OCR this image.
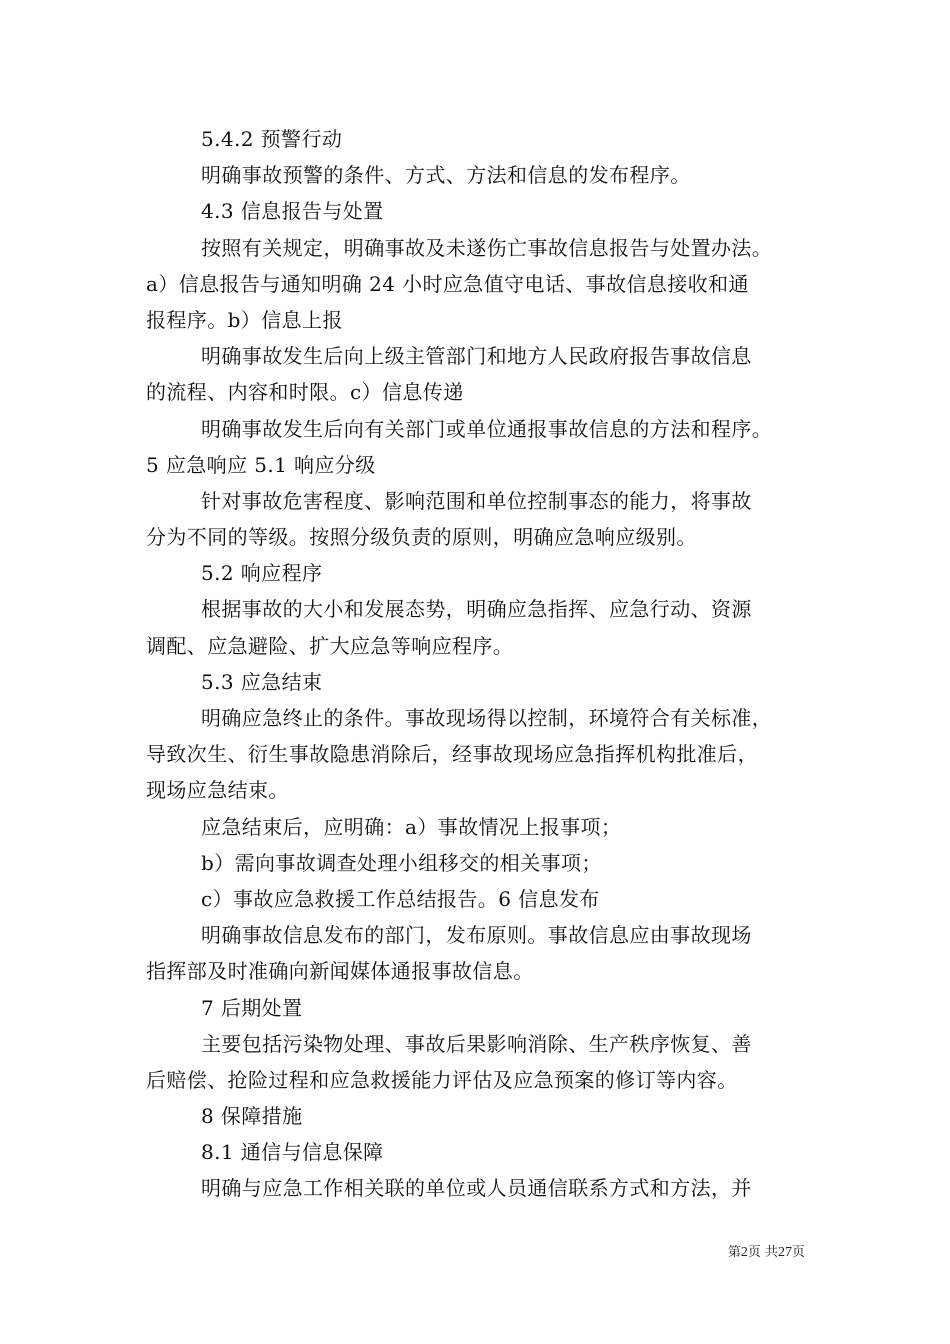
5.4.2 预警行动
明确事故预警的条件、方式、方法和信息的发布程序。
4.3 信息报告与处置
按照有关规定，明确事故及未遂伤亡事故信息报告与处置办法。
a）信息报告与通知明确 24 小时应急值守电话、事故信息接收和通
报程序。b）信息上报
明确事故发生后向上级主管部门和地方人民政府报告事故信息
的流程、内容和时限。c）信息传递
明确事故发生后向有关部门或单位通报事故信息的方法和程序。
5 应急响应 5.1 响应分级
针对事故危害程度、影响范围和单位控制事态的能力，将事故
分为不同的等级。按照分级负责的原则，明确应急响应级别。
5.2 响应程序
根据事故的大小和发展态势，明确应急指挥、应急行动、资源
调配、应急避险、扩大应急等响应程序。
5.3 应急结束
明确应急终止的条件。事故现场得以控制，环境符合有关标准，
导致次生、衍生事故隐患消除后，经事故现场应急指挥机构批准后，
现场应急结束。
应急结束后，应明确：a）事故情况上报事项；
b）需向事故调查处理小组移交的相关事项；
c）事故应急救援工作总结报告。6 信息发布
明确事故信息发布的部门，发布原则。事故信息应由事故现场
指挥部及时准确向新闻媒体通报事故信息。
7 后期处置
主要包括污染物处理、事故后果影响消除、生产秩序恢复、善
后赔偿、抢险过程和应急救援能力评估及应急预案的修订等内容。
8 保障措施
8.1 通信与信息保障
明确与应急工作相关联的单位或人员通信联系方式和方法，并
第2页 共27页
